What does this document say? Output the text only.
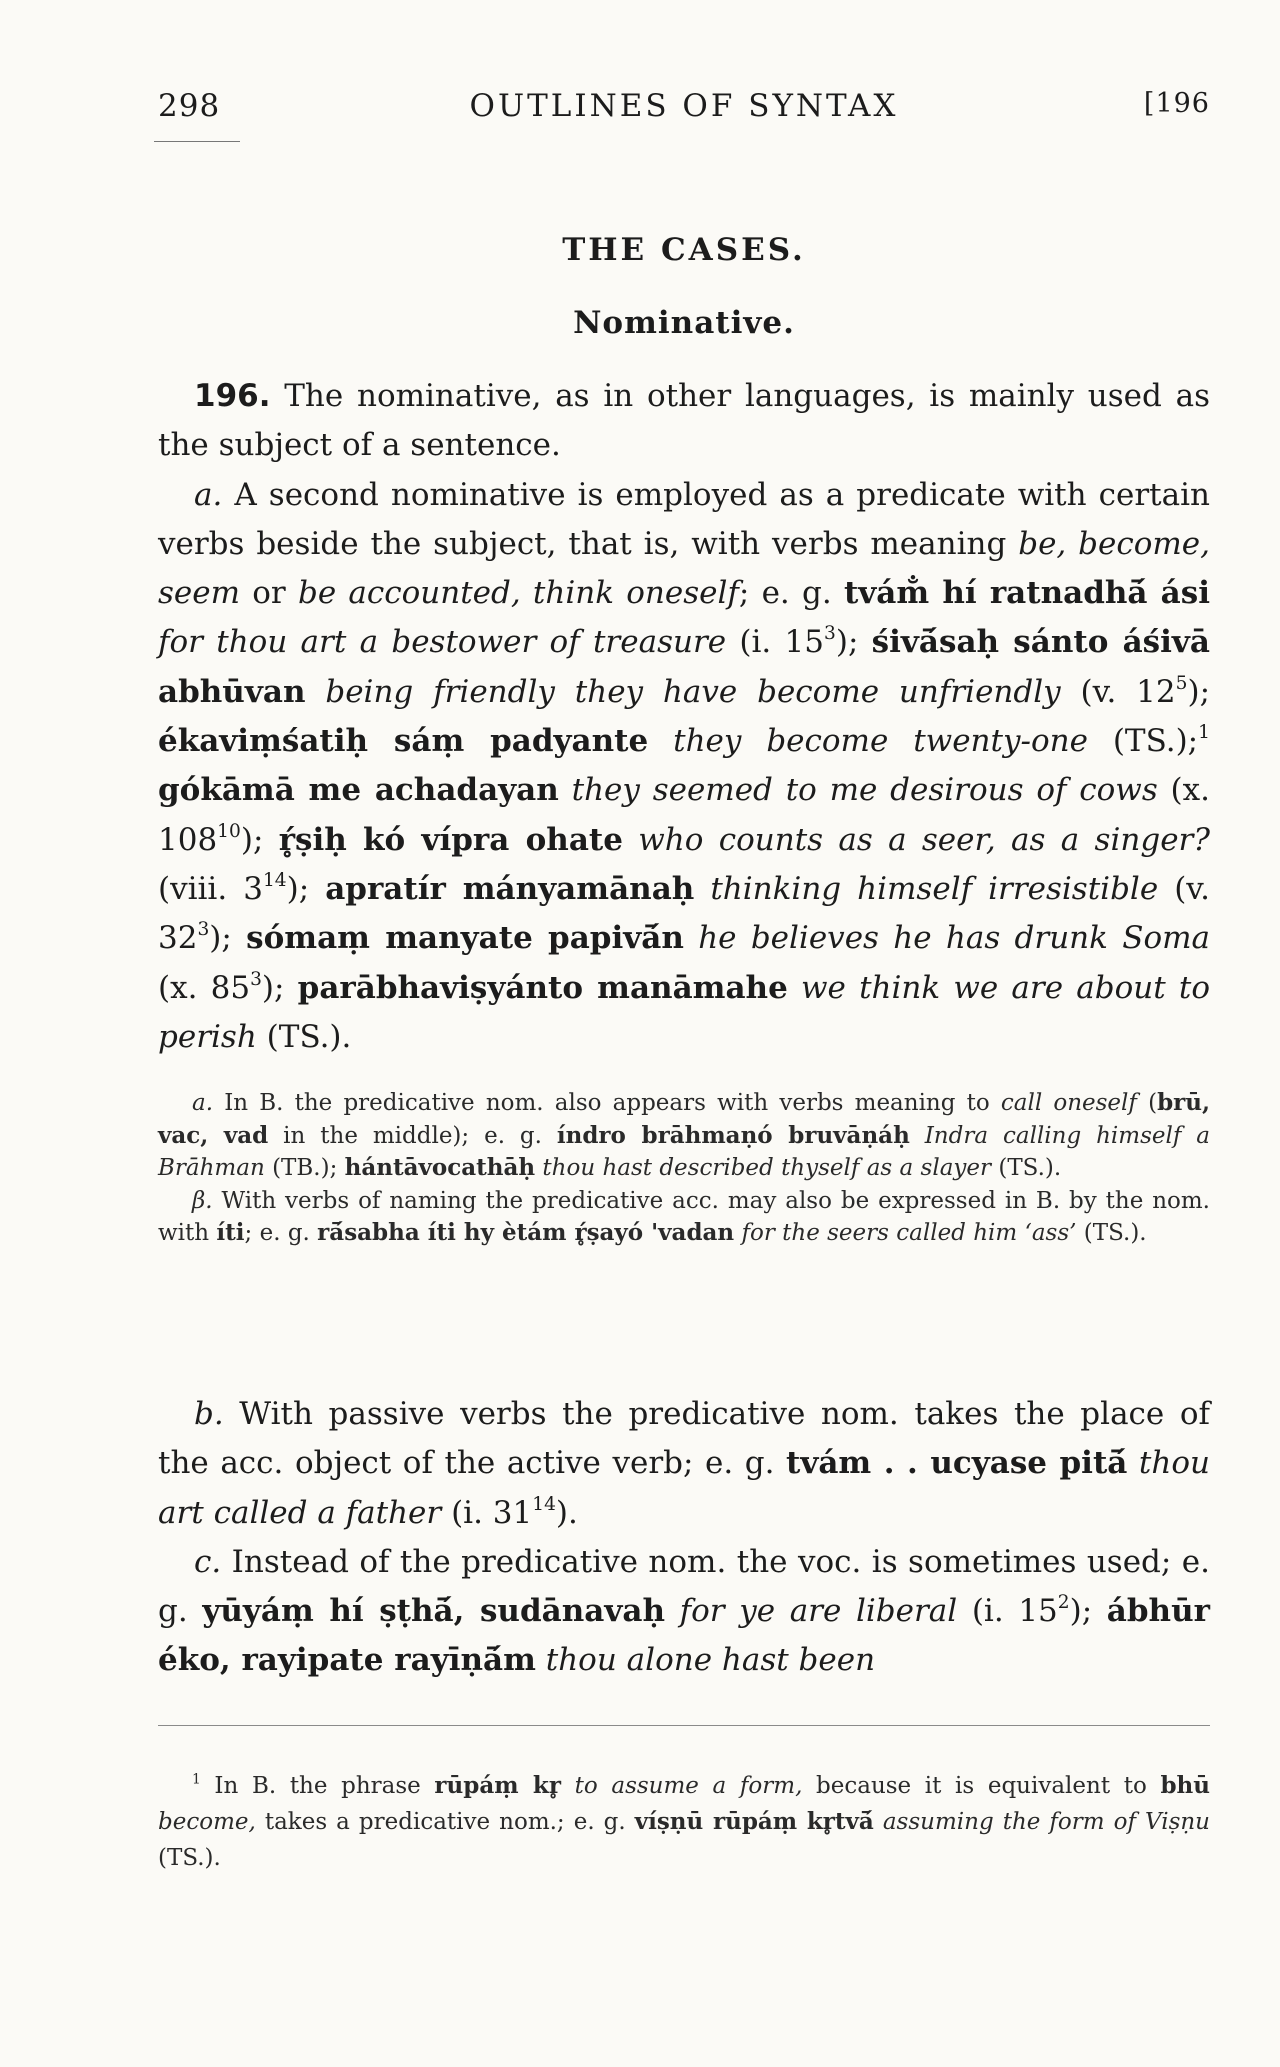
298	OUTLINES OF SYNTAX	[196
THE CASES.
Nominative.

196. The nominative, as in other languages, is mainly used as the subject of a sentence.

a. A second nominative is employed as a predicate with certain verbs beside the subject, that is, with verbs meaning be, become, seem or be accounted, think oneself; e. g. tvám̐ hí ratnadhā́ ási for thou art a bestower of treasure (i. $15^3$); śivā́saḥ sánto áśivā abhūvan being friendly they have become unfriendly (v. $12^5$); ékaviṃśatiḥ sáṃ padyante they become twenty-one (TS.);$^1$ gókāmā me achadayan they seemed to me desirous of cows (x. $108^{10}$); ŕ̥ṣiḥ kó vípra ohate who counts as a seer, as a singer? (viii. $3^{14}$); apratír mányamānaḥ thinking himself irresistible (v. $32^3$); sómaṃ manyate papivā́n he believes he has drunk Soma (x. $85^3$); parābhaviṣyánto manāmahe we think we are about to perish (TS.).

a. In B. the predicative nom. also appears with verbs meaning to call oneself (brū, vac, vad in the middle); e. g. índro brāhmaṇó bruvāṇáḥ Indra calling himself a Brāhman (TB.); hántāvocathāḥ thou hast described thyself as a slayer (TS.).

β. With verbs of naming the predicative acc. may also be expressed in B. by the nom. with íti; e. g. rā́sabha íti hy ètám ŕ̥ṣayó 'vadan for the seers called him ‘ass’ (TS.).

b. With passive verbs the predicative nom. takes the place of the acc. object of the active verb; e. g. tvám . . ucyase pitā́ thou art called a father (i. $31^{14}$).

c. Instead of the predicative nom. the voc. is sometimes used; e. g. yūyáṃ hí ṣṭhā́, sudānavaḥ for ye are liberal (i. $15^2$); ábhūr éko, rayipate rayīṇā́m thou alone hast been

$^1$ In B. the phrase rūpáṃ kr̥ to assume a form, because it is equivalent to bhū become, takes a predicative nom.; e. g. víṣṇū rūpáṃ kr̥tvā́ assuming the form of Viṣṇu (TS.).
